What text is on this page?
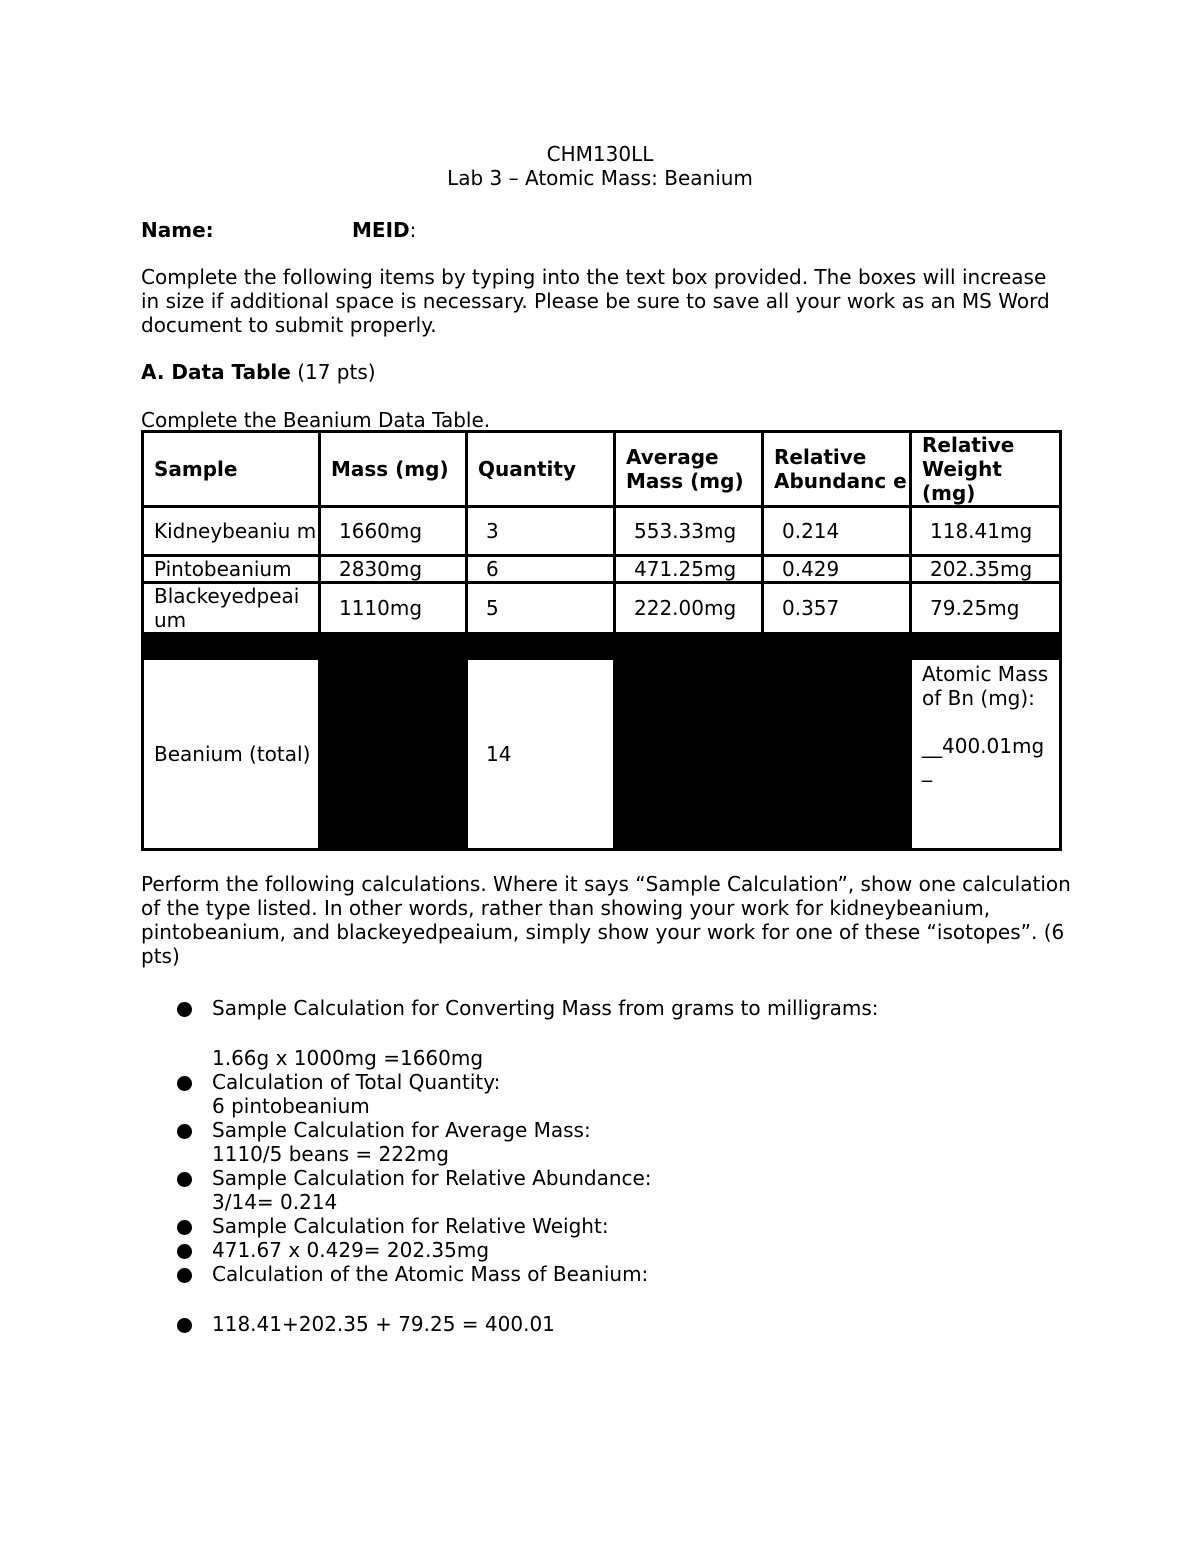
CHM130LL
Lab 3 – Atomic Mass: Beanium
Name:	MEID:
Complete the following items by typing into the text box provided. The boxes will increase in size if additional space is necessary. Please be sure to save all your work as an MS Word document to submit properly.
A. Data Table (17 pts)
Complete the Beanium Data Table.
Sample	Mass (mg)	Quantity	Average Mass (mg)	Relative Abundanc e	Relative Weight (mg)
Kidneybeaniu m	1660mg	3	553.33mg	0.214	118.41mg
Pintobeanium	2830mg	6	471.25mg	0.429	202.35mg
Blackeyedpeai um	1110mg	5	222.00mg	0.357	79.25mg

Beanium (total)		14			Atomic Mass of Bn (mg):
__400.01mg _
Perform the following calculations. Where it says “Sample Calculation”, show one calculation of the type listed. In other words, rather than showing your work for kidneybeanium, pintobeanium, and blackeyedpeaium, simply show your work for one of these “isotopes”. (6 pts)
Sample Calculation for Converting Mass from grams to milligrams:
1.66g x 1000mg =1660mg
Calculation of Total Quantity:
6 pintobeanium
Sample Calculation for Average Mass:
1110/5 beans = 222mg
Sample Calculation for Relative Abundance:
3/14= 0.214
Sample Calculation for Relative Weight:
471.67 x 0.429= 202.35mg
Calculation of the Atomic Mass of Beanium:
118.41+202.35 + 79.25 = 400.01
